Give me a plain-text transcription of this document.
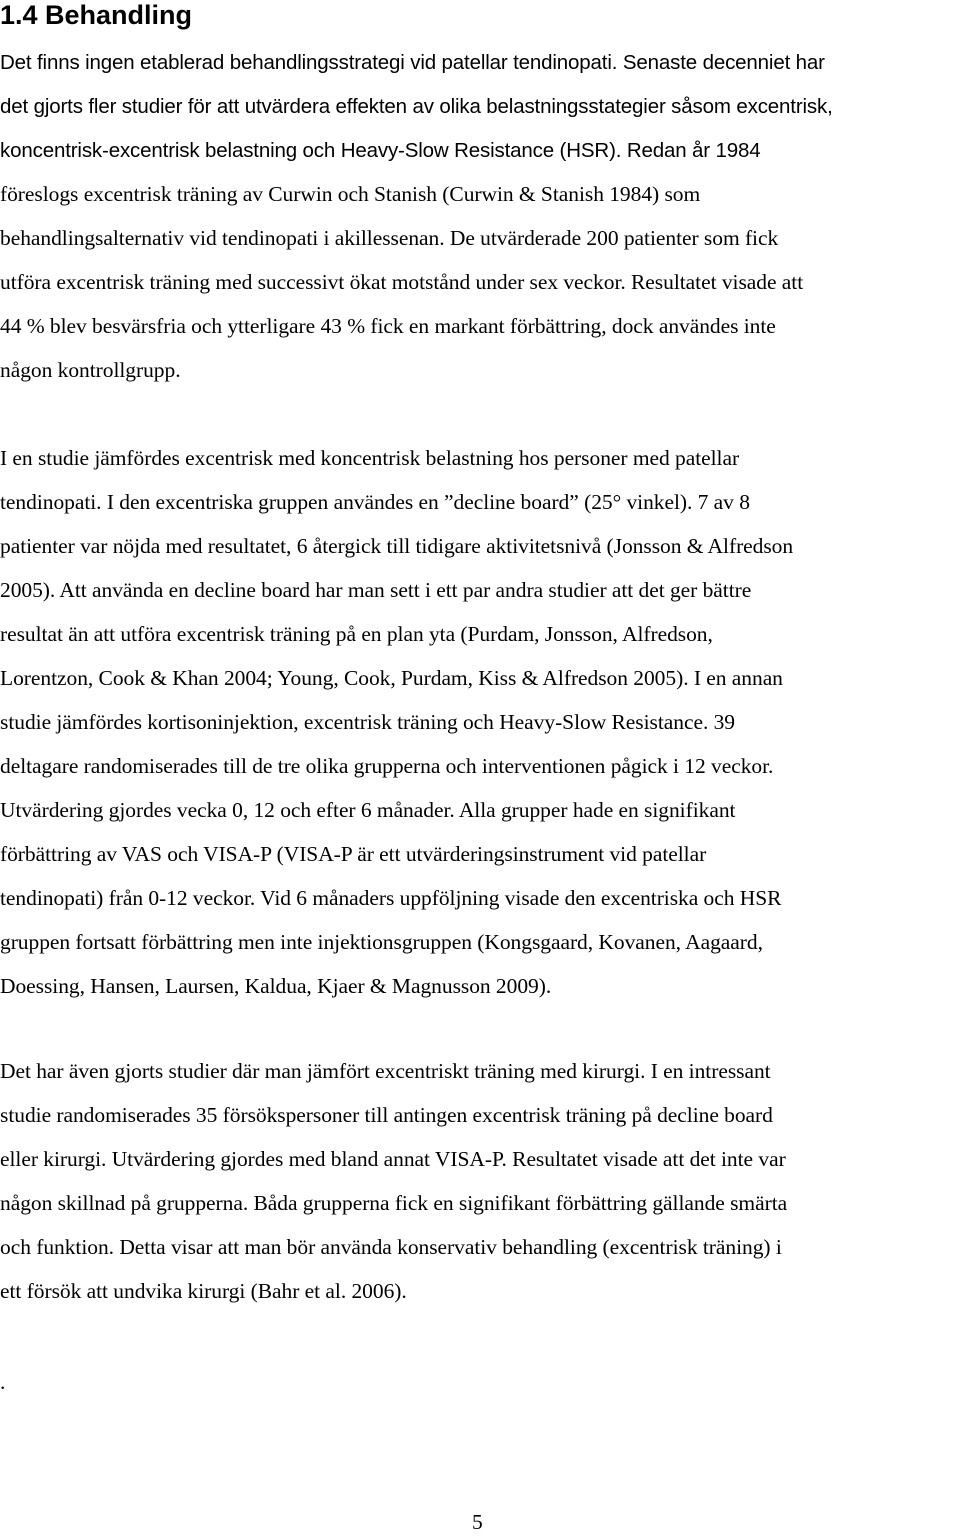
1.4 Behandling
Det finns ingen etablerad behandlingsstrategi vid patellar tendinopati. Senaste decenniet har
det gjorts fler studier för att utvärdera effekten av olika belastningsstategier såsom excentrisk,
koncentrisk-excentrisk belastning och Heavy-Slow Resistance (HSR). Redan år 1984
föreslogs excentrisk träning av Curwin och Stanish (Curwin & Stanish 1984) som
behandlingsalternativ vid tendinopati i akillessenan. De utvärderade 200 patienter som fick
utföra excentrisk träning med successivt ökat motstånd under sex veckor. Resultatet visade att
44 % blev besvärsfria och ytterligare 43 % fick en markant förbättring, dock användes inte
någon kontrollgrupp.
I en studie jämfördes excentrisk med koncentrisk belastning hos personer med patellar
tendinopati. I den excentriska gruppen användes en ”decline board” (25° vinkel). 7 av 8
patienter var nöjda med resultatet, 6 återgick till tidigare aktivitetsnivå (Jonsson & Alfredson
2005). Att använda en decline board har man sett i ett par andra studier att det ger bättre
resultat än att utföra excentrisk träning på en plan yta (Purdam, Jonsson, Alfredson,
Lorentzon, Cook & Khan 2004; Young, Cook, Purdam, Kiss & Alfredson 2005). I en annan
studie jämfördes kortisoninjektion, excentrisk träning och Heavy-Slow Resistance. 39
deltagare randomiserades till de tre olika grupperna och interventionen pågick i 12 veckor.
Utvärdering gjordes vecka 0, 12 och efter 6 månader. Alla grupper hade en signifikant
förbättring av VAS och VISA-P (VISA-P är ett utvärderingsinstrument vid patellar
tendinopati) från 0-12 veckor. Vid 6 månaders uppföljning visade den excentriska och HSR
gruppen fortsatt förbättring men inte injektionsgruppen (Kongsgaard, Kovanen, Aagaard,
Doessing, Hansen, Laursen, Kaldua, Kjaer & Magnusson 2009).
Det har även gjorts studier där man jämfört excentriskt träning med kirurgi. I en intressant
studie randomiserades 35 försökspersoner till antingen excentrisk träning på decline board
eller kirurgi. Utvärdering gjordes med bland annat VISA-P. Resultatet visade att det inte var
någon skillnad på grupperna. Båda grupperna fick en signifikant förbättring gällande smärta
och funktion. Detta visar att man bör använda konservativ behandling (excentrisk träning) i
ett försök att undvika kirurgi (Bahr et al. 2006).
.
5
